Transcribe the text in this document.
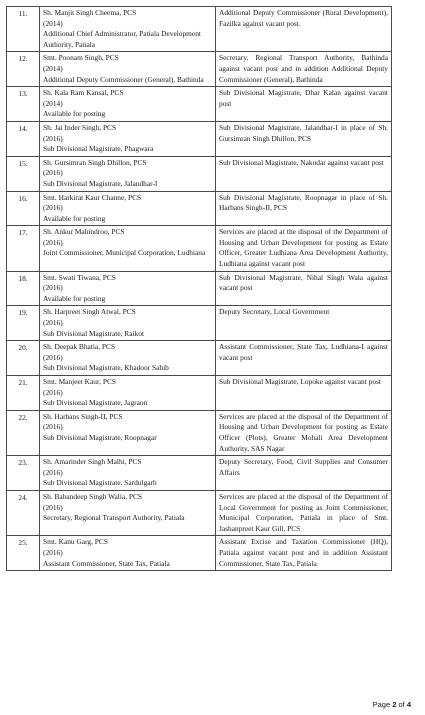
11.	Sh. Manjit Singh Cheema, PCS
(2014)
Additional Chief Administrator, Patiala Development Authority, Patiala	Additional Deputy Commissioner (Rural Development), Fazilka against vacant post.
12.	Smt. Poonam Singh, PCS
(2014)
Additional Deputy Commissioner (General), Bathinda	Secretary, Regional Transport Authority, Bathinda against vacant post and in addition Additional Deputy Commissioner (General), Bathinda
13.	Sh. Kala Ram Kansal, PCS
(2014)
Available for posting	Sub Divisional Magistrate, Dhar Kalan against vacant post
14.	Sh. Jai Inder Singh, PCS
(2016)
Sub Divisional Magistrate, Phagwara	Sub Divisional Magistrate, Jalandhar-I in place of Sh. Gursimran Singh Dhillon, PCS
15.	Sh. Gursimran Singh Dhillon, PCS
(2016)
Sub Divisional Magistrate, Jalandhar-I	Sub Divisional Magistrate, Nakodar against vacant post
16.	Smt. Harkirat Kaur Channe, PCS
(2016)
Available for posting	Sub Divisional Magistrate, Roopnagar in place of Sh. Harbans Singh-II, PCS
17.	Sh. Ankur Mahindroo, PCS
(2016)
Joint Commissioner, Municipal Corporation, Ludhiana	Services are placed at the disposal of the Department of Housing and Urban Development for posting as Estate Officer, Greater Ludhiana Area Development Authority, Ludhiana against vacant post
18.	Smt. Swati Tiwana, PCS
(2016)
Available for posting	Sub Divisional Magistrate, Nihal Singh Wala against vacant post
19.	Sh. Harpreet Singh Atwal, PCS
(2016)
Sub Divisional Magistrate, Raikot	Deputy Secretary, Local Government
20.	Sh. Deepak Bhatia, PCS
(2016)
Sub Divisional Magistrate, Khadoor Sahib	Assistant Commissioner, State Tax, Ludhiana-I against vacant post
21.	Smt. Manjeet Kaur, PCS
(2016)
Sub Divisional Magistrate, Jagraon	Sub Divisional Magistrate, Lopoke against vacant post
22.	Sh. Harbans Singh-II, PCS
(2016)
Sub Divisional Magistrate, Roopnagar	Services are placed at the disposal of the Department of Housing and Urban Development for posting as Estate Officer (Plots), Greater Mohali Area Development Authority, SAS Nagar
23.	Sh. Amarinder Singh Malhi, PCS
(2016)
Sub Divisional Magistrate, Sardulgarh	Deputy Secretary, Food, Civil Supplies and Consumer Affairs
24.	Sh. Babandeep Singh Walia, PCS
(2016)
Secretary, Regional Transport Authority, Patiala	Services are placed at the disposal of the Department of Local Government for posting as Joint Commissioner, Municipal Corporation, Patiala in place of Smt. Jashanpreet Kaur Gill, PCS
25.	Smt. Kanu Garg, PCS
(2016)
Assistant Commissioner, State Tax, Patiala	Assistant Excise and Taxation Commissioner (HQ), Patiala against vacant post and in addition Assistant Commissioner, State Tax, Patiala
Page 2 of 4
